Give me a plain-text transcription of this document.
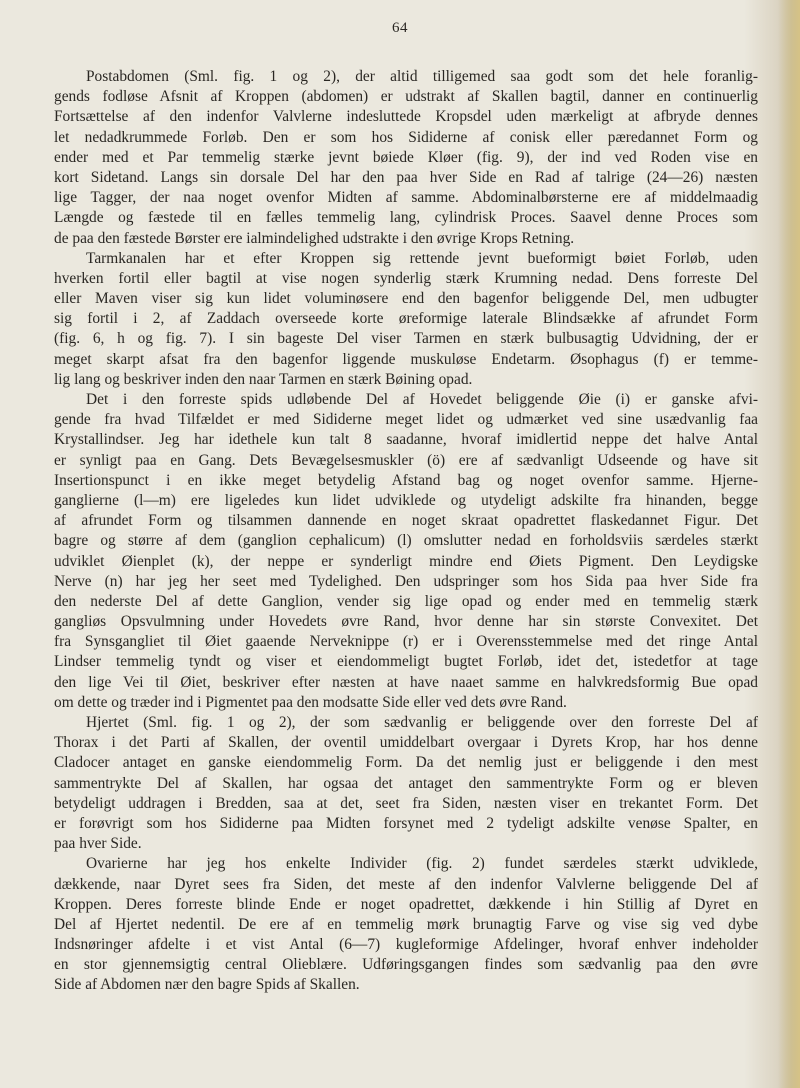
64
Postabdomen (Sml. fig. 1 og 2), der altid tilligemed saa godt som det hele foranlig-
gends fodløse Afsnit af Kroppen (abdomen) er udstrakt af Skallen bagtil, danner en continuerlig
Fortsættelse af den indenfor Valvlerne indesluttede Kropsdel uden mærkeligt at afbryde dennes
let nedadkrummede Forløb. Den er som hos Sididerne af conisk eller pæredannet Form og
ender med et Par temmelig stærke jevnt bøiede Kløer (fig. 9), der ind ved Roden vise en
kort Sidetand. Langs sin dorsale Del har den paa hver Side en Rad af talrige (24—26) næsten
lige Tagger, der naa noget ovenfor Midten af samme. Abdominalbørsterne ere af middelmaadig
Længde og fæstede til en fælles temmelig lang, cylindrisk Proces. Saavel denne Proces som
de paa den fæstede Børster ere ialmindelighed udstrakte i den øvrige Krops Retning.
Tarmkanalen har et efter Kroppen sig rettende jevnt bueformigt bøiet Forløb, uden
hverken fortil eller bagtil at vise nogen synderlig stærk Krumning nedad. Dens forreste Del
eller Maven viser sig kun lidet voluminøsere end den bagenfor beliggende Del, men udbugter
sig fortil i 2, af Zaddach overseede korte øreformige laterale Blindsække af afrundet Form
(fig. 6, h og fig. 7). I sin bageste Del viser Tarmen en stærk bulbusagtig Udvidning, der er
meget skarpt afsat fra den bagenfor liggende muskuløse Endetarm. Øsophagus (f) er temme-
lig lang og beskriver inden den naar Tarmen en stærk Bøining opad.
Det i den forreste spids udløbende Del af Hovedet beliggende Øie (i) er ganske afvi-
gende fra hvad Tilfældet er med Sididerne meget lidet og udmærket ved sine usædvanlig faa
Krystallindser. Jeg har idethele kun talt 8 saadanne, hvoraf imidlertid neppe det halve Antal
er synligt paa en Gang. Dets Bevægelsesmuskler (ö) ere af sædvanligt Udseende og have sit
Insertionspunct i en ikke meget betydelig Afstand bag og noget ovenfor samme. Hjerne-
ganglierne (l—m) ere ligeledes kun lidet udviklede og utydeligt adskilte fra hinanden, begge
af afrundet Form og tilsammen dannende en noget skraat opadrettet flaskedannet Figur. Det
bagre og større af dem (ganglion cephalicum) (l) omslutter nedad en forholdsviis særdeles stærkt
udviklet Øienplet (k), der neppe er synderligt mindre end Øiets Pigment. Den Leydigske
Nerve (n) har jeg her seet med Tydelighed. Den udspringer som hos Sida paa hver Side fra
den nederste Del af dette Ganglion, vender sig lige opad og ender med en temmelig stærk
gangliøs Opsvulmning under Hovedets øvre Rand, hvor denne har sin største Convexitet. Det
fra Synsgangliet til Øiet gaaende Nerveknippe (r) er i Overensstemmelse med det ringe Antal
Lindser temmelig tyndt og viser et eiendommeligt bugtet Forløb, idet det, istedetfor at tage
den lige Vei til Øiet, beskriver efter næsten at have naaet samme en halvkredsformig Bue opad
om dette og træder ind i Pigmentet paa den modsatte Side eller ved dets øvre Rand.
Hjertet (Sml. fig. 1 og 2), der som sædvanlig er beliggende over den forreste Del af
Thorax i det Parti af Skallen, der oventil umiddelbart overgaar i Dyrets Krop, har hos denne
Cladocer antaget en ganske eiendommelig Form. Da det nemlig just er beliggende i den mest
sammentrykte Del af Skallen, har ogsaa det antaget den sammentrykte Form og er bleven
betydeligt uddragen i Bredden, saa at det, seet fra Siden, næsten viser en trekantet Form. Det
er forøvrigt som hos Sididerne paa Midten forsynet med 2 tydeligt adskilte venøse Spalter, en
paa hver Side.
Ovarierne har jeg hos enkelte Individer (fig. 2) fundet særdeles stærkt udviklede,
dækkende, naar Dyret sees fra Siden, det meste af den indenfor Valvlerne beliggende Del af
Kroppen. Deres forreste blinde Ende er noget opadrettet, dækkende i hin Stillig af Dyret en
Del af Hjertet nedentil. De ere af en temmelig mørk brunagtig Farve og vise sig ved dybe
Indsnøringer afdelte i et vist Antal (6—7) kugleformige Afdelinger, hvoraf enhver indeholder
en stor gjennemsigtig central Olieblære. Udføringsgangen findes som sædvanlig paa den øvre
Side af Abdomen nær den bagre Spids af Skallen.
